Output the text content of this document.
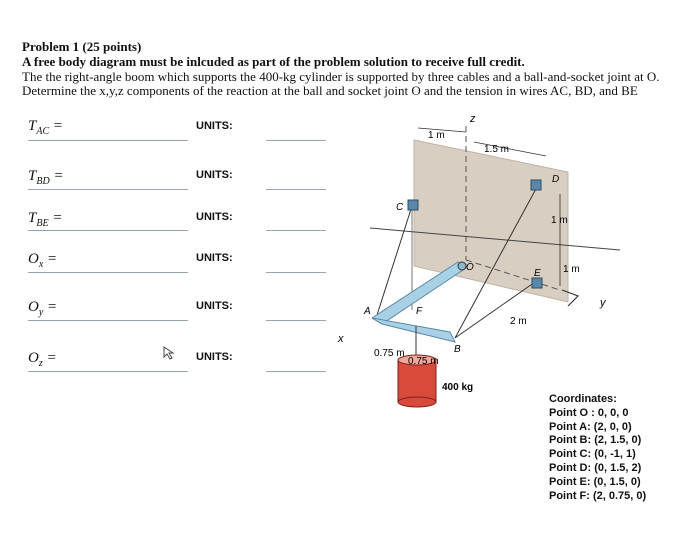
Problem 1 (25 points)
A free body diagram must be inlcuded as part of the problem solution to receive full credit.
The the right-angle boom which supports the 400-kg cylinder is supported by three cables and a ball-and-socket joint at O.
Determine the x,y,z components of the reaction at the ball and socket joint O and the tension in wires AC, BD, and BE
$T_{AC}$ =	UNITS:
$T_{BD}$ =	UNITS:
$T_{BE}$ =	UNITS:
$O_x$ =	UNITS:
$O_y$ =	UNITS:
$O_z$ =	UNITS:
z
y
x
A
B
C
D
E
F
O
1 m
1.5 m
1 m
1 m
2 m
0.75 m
0.75 m
400 kg
Coordinates:
Point O : 0, 0, 0
Point A: (2, 0, 0)
Point B: (2, 1.5, 0)
Point C: (0, -1, 1)
Point D: (0, 1.5, 2)
Point E: (0, 1.5, 0)
Point F: (2, 0.75, 0)
